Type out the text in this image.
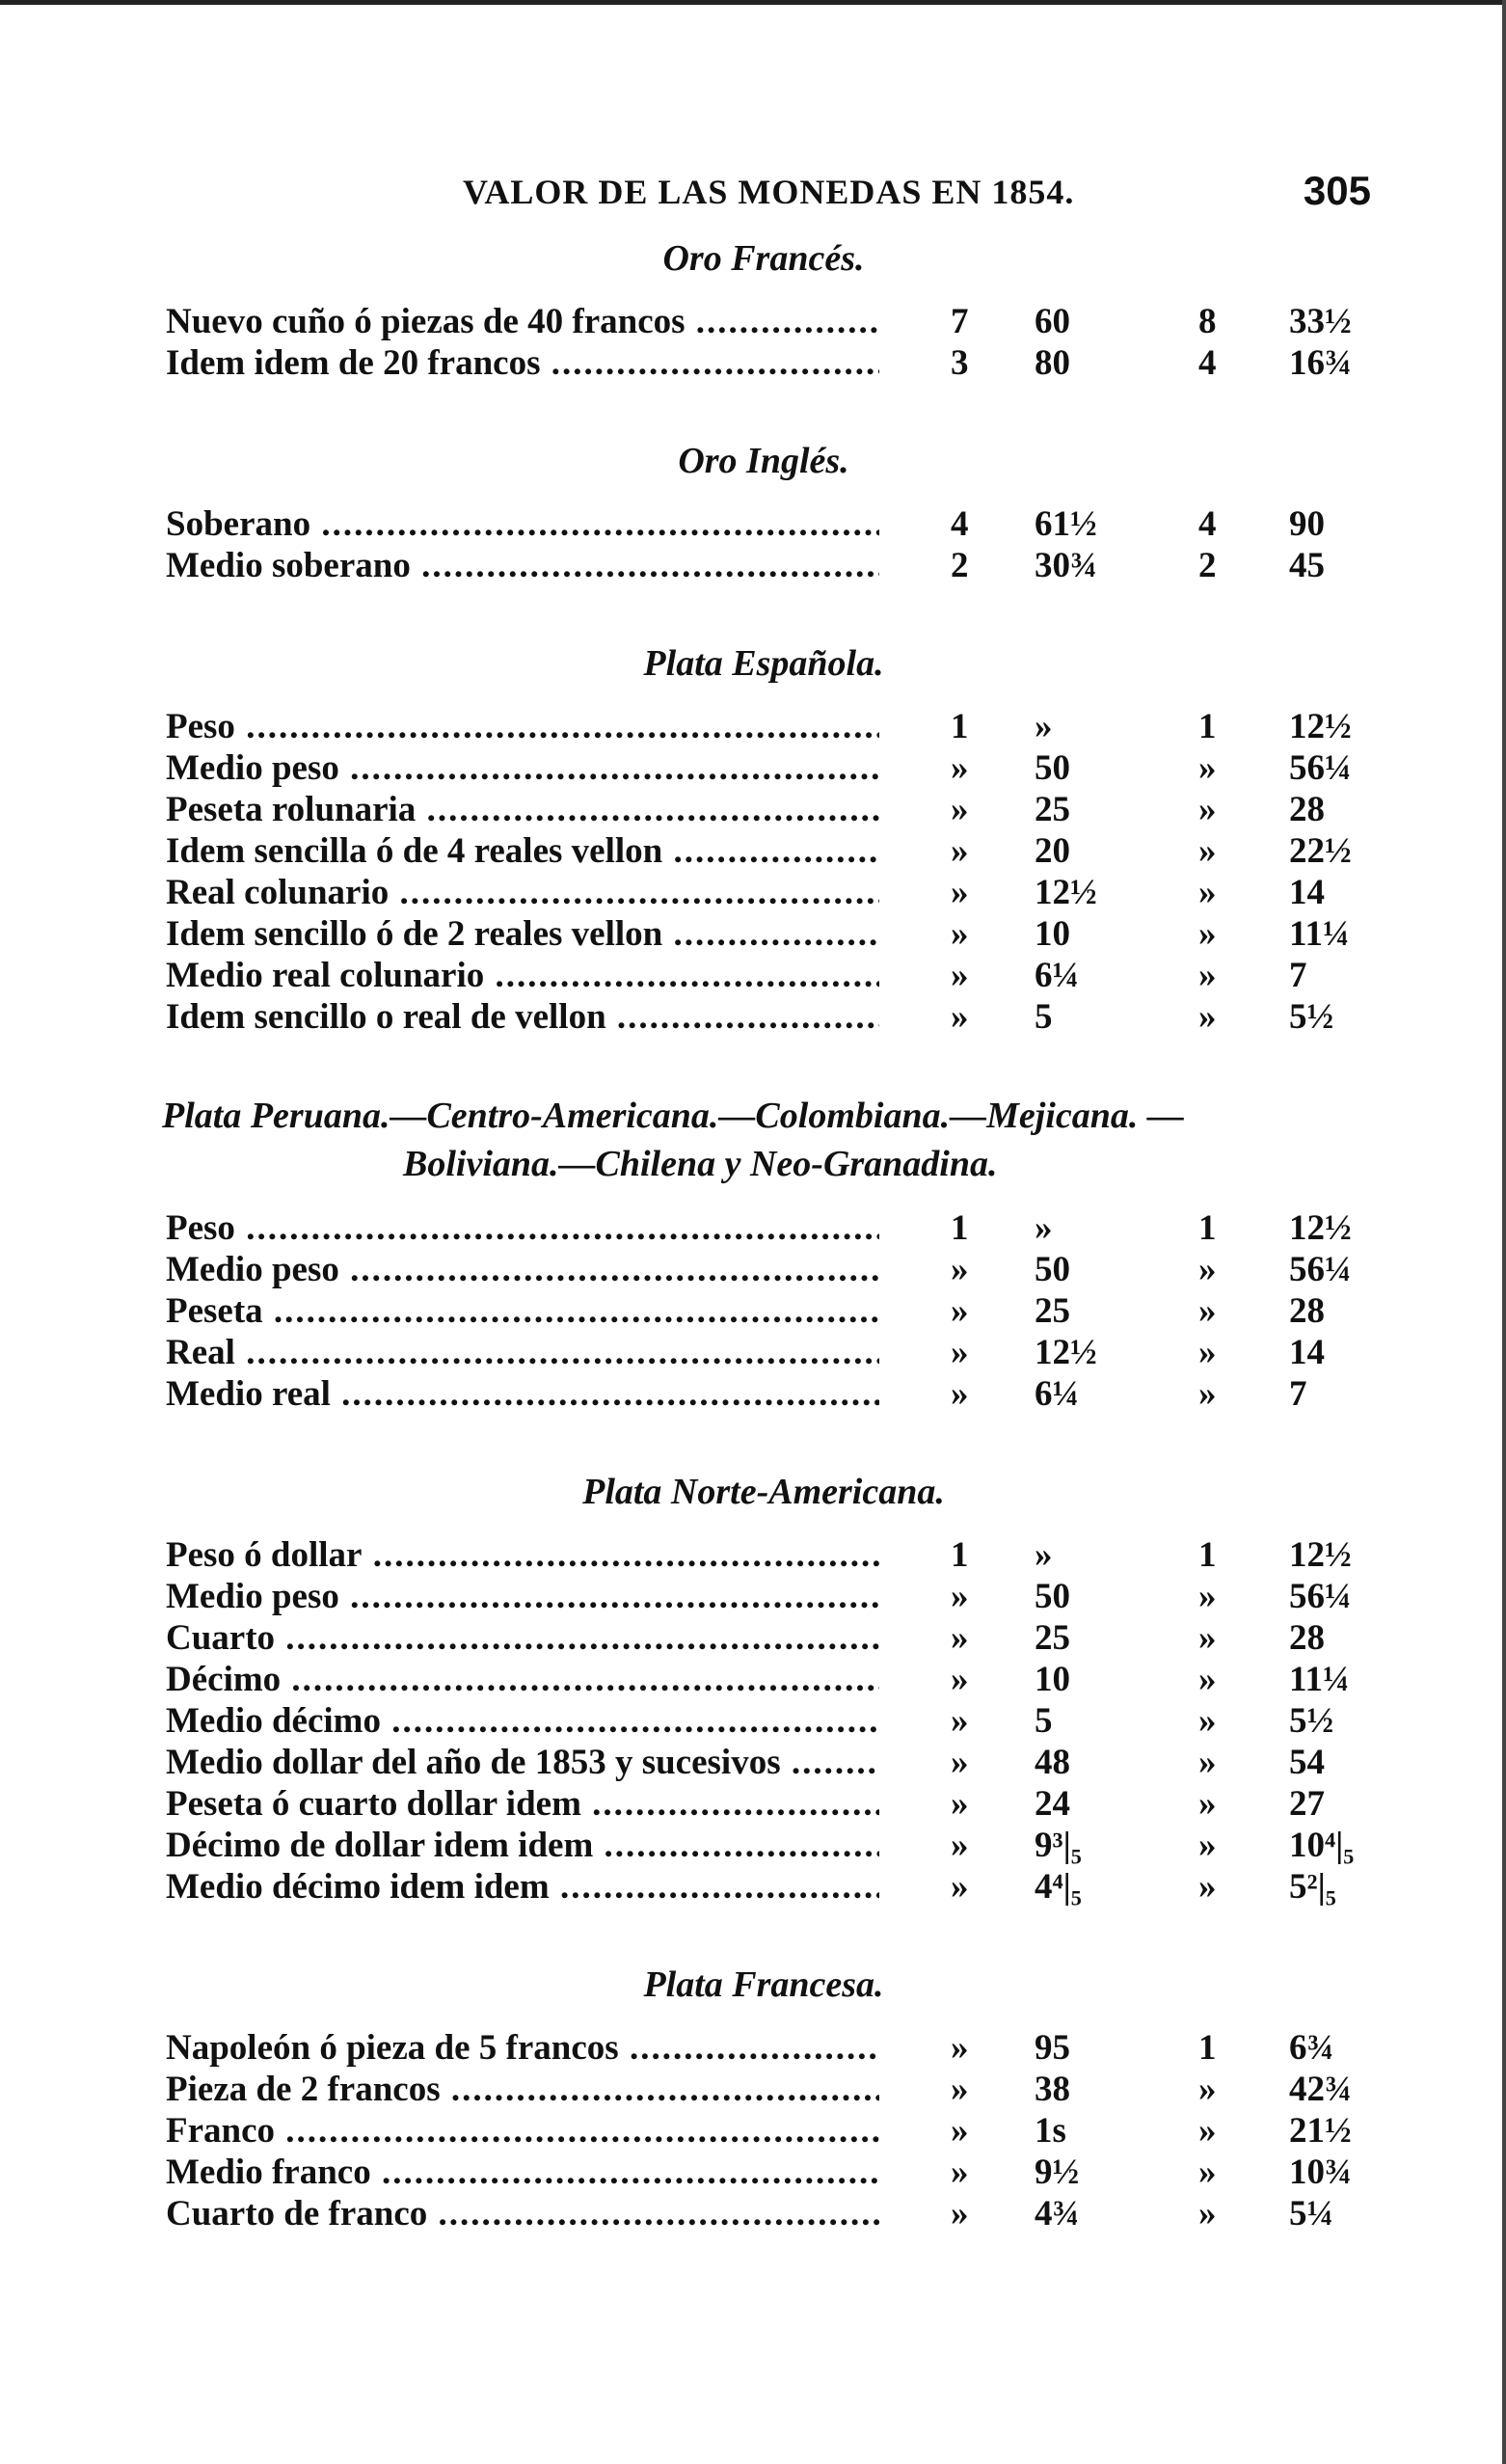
VALOR DE LAS MONEDAS EN 1854.	305
Oro Francés.
Nuevo cuño ó piezas de 40 francos .....	7	60	8	33½
Idem idem de 20 francos .....	3	80	4	16¾
Oro Inglés.
Soberano .....	4	61½	4	90
Medio soberano .....	2	30¾	2	45
Plata Española.
Peso .....	1	»	1	12½
Medio peso .....	»	50	»	56¼
Peseta rolunaria .....	»	25	»	28
Idem sencilla ó de 4 reales vellon .....	»	20	»	22½
Real colunario .....	»	12½	»	14
Idem sencillo ó de 2 reales vellon .....	»	10	»	11¼
Medio real colunario .....	»	6¼	»	7
Idem sencillo o real de vellon .....	»	5	»	5½
Plata Peruana.—Centro-Americana.—Colombiana.—Mejicana. —
Boliviana.—Chilena y Neo-Granadina.
Peso .....	1	»	1	12½
Medio peso .....	»	50	»	56¼
Peseta .....	»	25	»	28
Real .....	»	12½	»	14
Medio real .....	»	6¼	»	7
Plata Norte-Americana.
Peso ó dollar .....	1	»	1	12½
Medio peso .....	»	50	»	56¼
Cuarto .....	»	25	»	28
Décimo .....	»	10	»	11¼
Medio décimo .....	»	5	»	5½
Medio dollar del año de 1853 y sucesivos .....	»	48	»	54
Peseta ó cuarto dollar idem .....	»	24	»	27
Décimo de dollar idem idem .....	»	9³|₅	»	10⁴|₅
Medio décimo idem idem .....	»	4⁴|₅	»	5²|₅
Plata Francesa.
Napoleón ó pieza de 5 francos .....	»	95	1	6¾
Pieza de 2 francos .....	»	38	»	42¾
Franco .....	»	1s	»	21½
Medio franco .....	»	9½	»	10¾
Cuarto de franco .....	»	4¾	»	5¼
